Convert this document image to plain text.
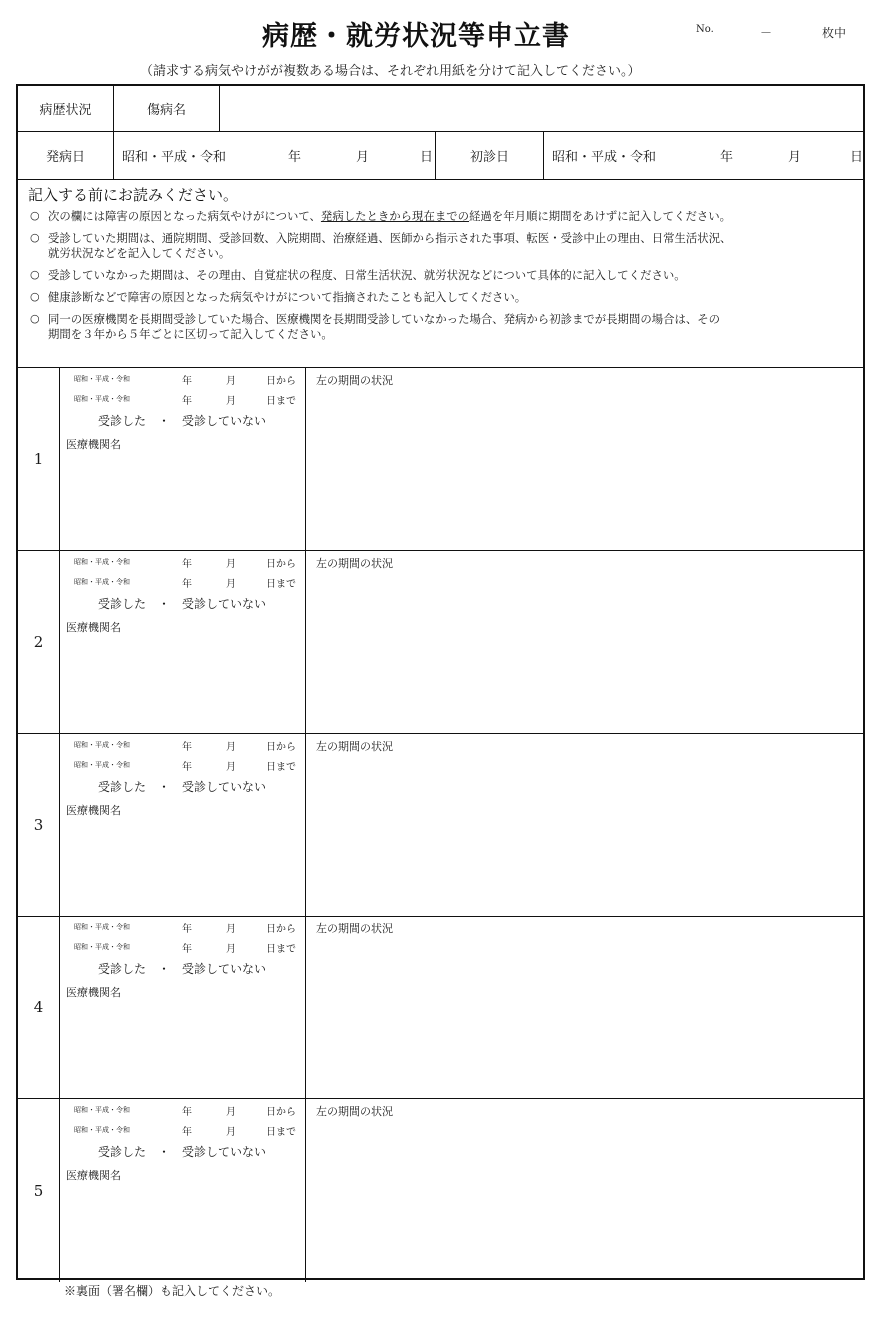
病歴・就労状況等申立書	No.	－	枚中
（請求する病気やけがが複数ある場合は、それぞれ用紙を分けて記入してください。）
病歴状況	傷病名
発病日	昭和・平成・令和	年	月	日	初診日	昭和・平成・令和	年	月	日
記入する前にお読みください。
○ 次の欄には障害の原因となった病気やけがについて、発病したときから現在までの経過を年月順に期間をあけずに記入してください。
○ 受診していた期間は、通院期間、受診回数、入院期間、治療経過、医師から指示された事項、転医・受診中止の理由、日常生活状況、
就労状況などを記入してください。
○ 受診していなかった期間は、その理由、自覚症状の程度、日常生活状況、就労状況などについて具体的に記入してください。
○ 健康診断などで障害の原因となった病気やけがについて指摘されたことも記入してください。
○ 同一の医療機関を長期間受診していた場合、医療機関を長期間受診していなかった場合、発病から初診までが長期間の場合は、その
期間を３年から５年ごとに区切って記入してください。
1
昭和・平成・令和	年	月	日から
昭和・平成・令和	年	月	日まで
受診した　・　受診していない
医療機関名
左の期間の状況
2
昭和・平成・令和	年	月	日から
昭和・平成・令和	年	月	日まで
受診した　・　受診していない
医療機関名
左の期間の状況
3
昭和・平成・令和	年	月	日から
昭和・平成・令和	年	月	日まで
受診した　・　受診していない
医療機関名
左の期間の状況
4
昭和・平成・令和	年	月	日から
昭和・平成・令和	年	月	日まで
受診した　・　受診していない
医療機関名
左の期間の状況
5
昭和・平成・令和	年	月	日から
昭和・平成・令和	年	月	日まで
受診した　・　受診していない
医療機関名
左の期間の状況
※裏面（署名欄）も記入してください。
